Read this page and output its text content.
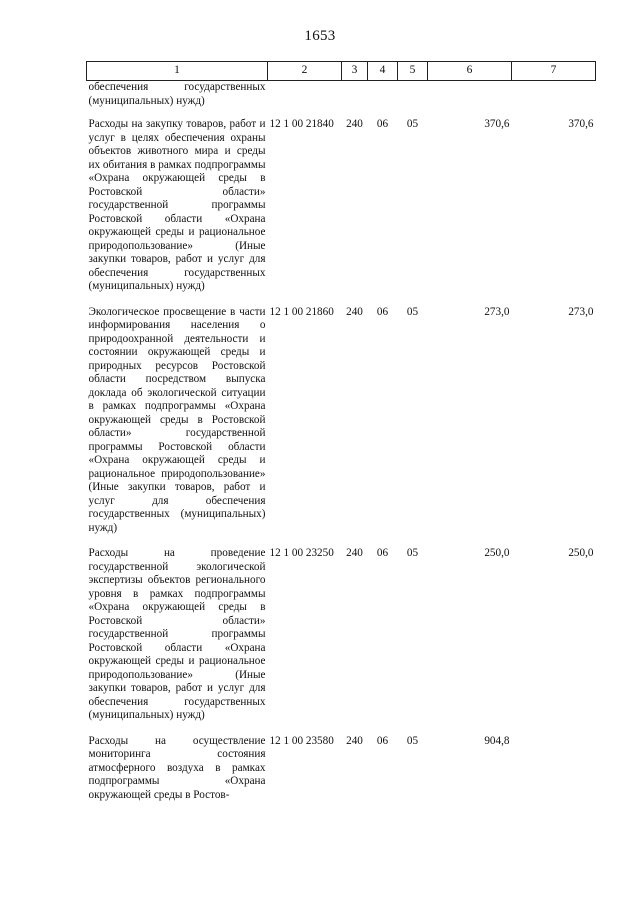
1653
1	2	3	4	5	6	7
обеспечения государственных (муниципальных) нужд)						
Расходы на закупку товаров, работ и услуг в целях обеспечения охраны объектов животного мира и среды их обитания в рамках подпрограммы «Охрана окружающей среды в Ростовской области» государственной программы Ростовской области «Охрана окружающей среды и рациональное природопользование» (Иные закупки товаров, работ и услуг для обеспечения государственных (муниципальных) нужд)	12 1 00 21840	240	06	05	370,6	370,6
Экологическое просвещение в части информирования населения о природоохранной деятельности и состоянии окружающей среды и природных ресурсов Ростовской области посредством выпуска доклада об экологической ситуации в рамках подпрограммы «Охрана окружающей среды в Ростовской области» государственной программы Ростовской области «Охрана окружающей среды и рациональное природопользование» (Иные закупки товаров, работ и услуг для обеспечения государственных (муниципальных) нужд)	12 1 00 21860	240	06	05	273,0	273,0
Расходы на проведение государственной экологической экспертизы объектов регионального уровня в рамках подпрограммы «Охрана окружающей среды в Ростовской области» государственной программы Ростовской области «Охрана окружающей среды и рациональное природопользование» (Иные закупки товаров, работ и услуг для обеспечения государственных (муниципальных) нужд)	12 1 00 23250	240	06	05	250,0	250,0
Расходы на осуществление мониторинга состояния атмосферного воздуха в рамках подпрограммы «Охрана окружающей среды в Ростов-	12 1 00 23580	240	06	05	904,8	
